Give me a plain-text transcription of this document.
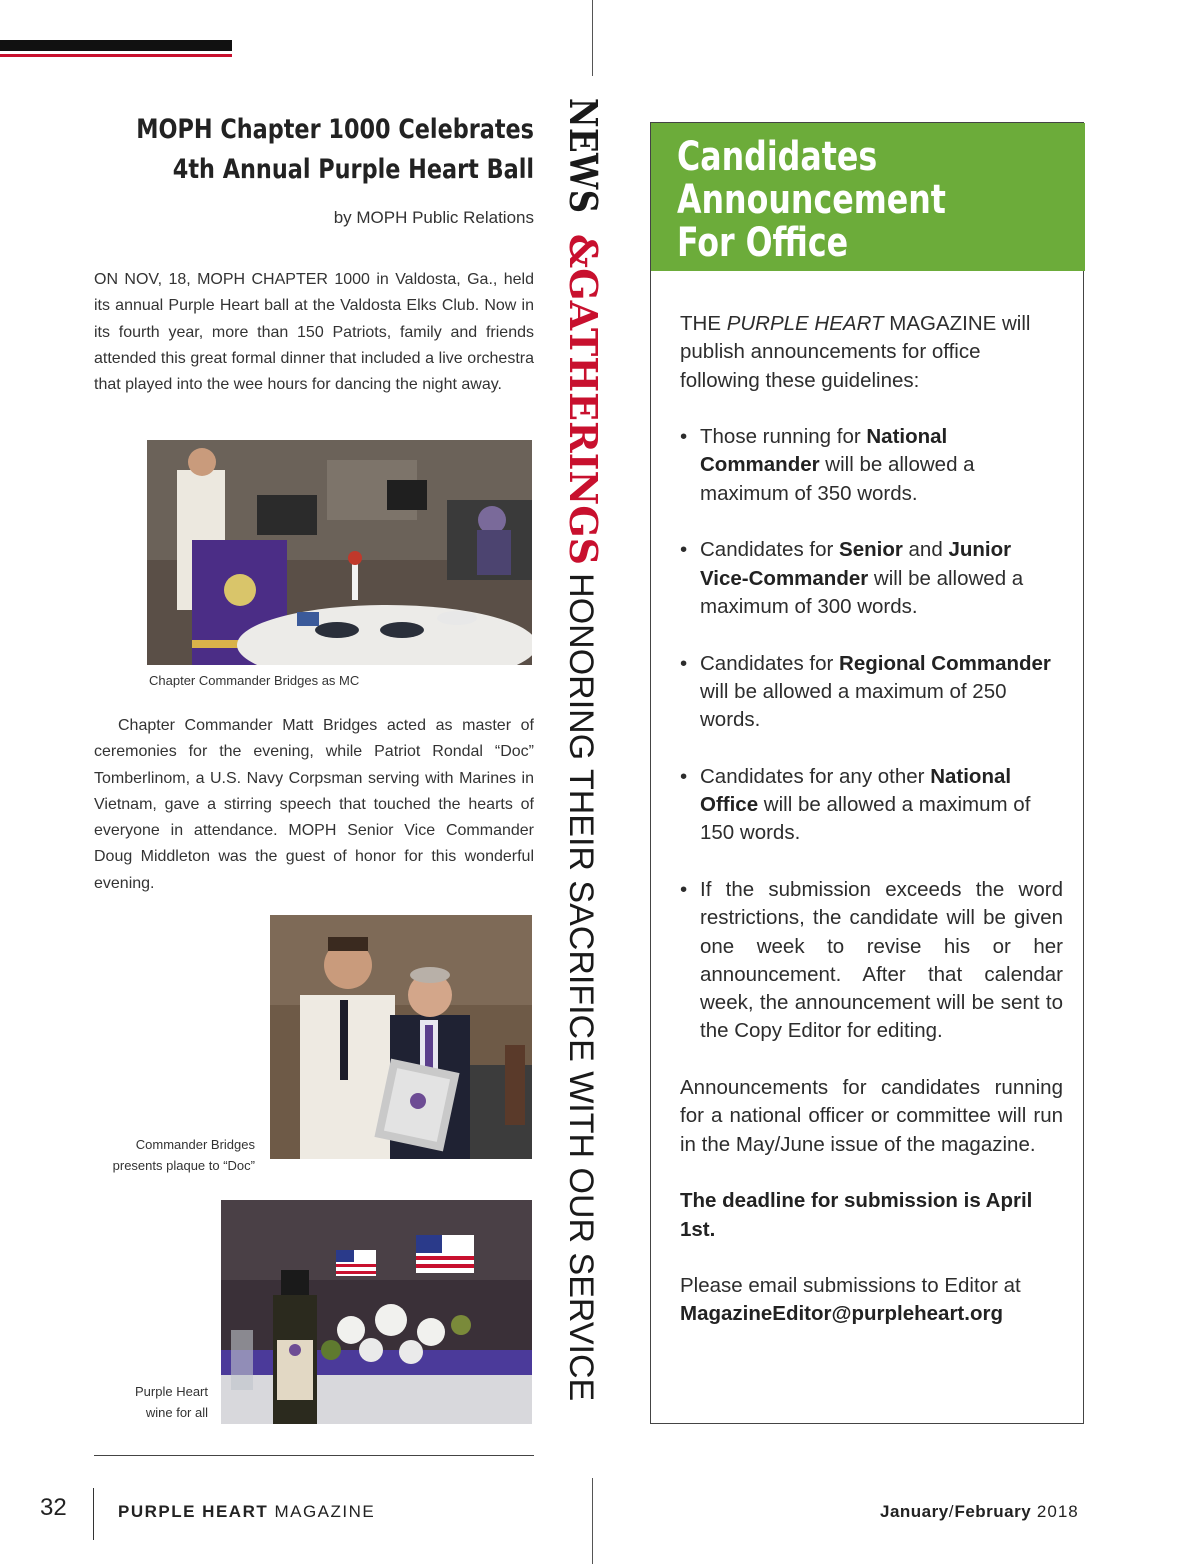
MOPH Chapter 1000 Celebrates
4th Annual Purple Heart Ball
by MOPH Public Relations
ON NOV, 18, MOPH CHAPTER 1000 in Valdosta, Ga., held its annual Purple Heart ball at the Valdosta Elks Club. Now in its fourth year, more than 150 Patriots, family and friends attended this great formal dinner that included a live orchestra that played into the wee hours for dancing the night away.
Chapter Commander Bridges as MC
Chapter Commander Matt Bridges acted as master of ceremonies for the evening, while Patriot Rondal “Doc” Tomberlinom, a U.S. Navy Corpsman serving with Marines in Vietnam, gave a stirring speech that touched the hearts of everyone in attendance. MOPH Senior Vice Commander Doug Middleton was the guest of honor for this wonderful evening.
Commander Bridges
presents plaque to “Doc”
Purple Heart
wine for all
NEWS
&
GATHERINGS
HONORING THEIR SACRIFICE WITH OUR SERVICE
Candidates
Announcement
For Office

THE PURPLE HEART MAGAZINE will publish announcements for office following these guidelines:

• Those running for National Commander will be allowed a maximum of 350 words.
• Candidates for Senior and Junior Vice-Commander will be allowed a maximum of 300 words.
• Candidates for Regional Commander will be allowed a maximum of 250 words.
• Candidates for any other National Office will be allowed a maximum of 150 words.
• If the submission exceeds the word restrictions, the candidate will be given one week to revise his or her announcement. After that calendar week, the announcement will be sent to the Copy Editor for editing.

Announcements for candidates running for a national officer or committee will run in the May/June issue of the magazine.

The deadline for submission is April 1st.

Please email submissions to Editor at
MagazineEditor@purpleheart.org

32	PURPLE HEART MAGAZINE	January/February 2018
